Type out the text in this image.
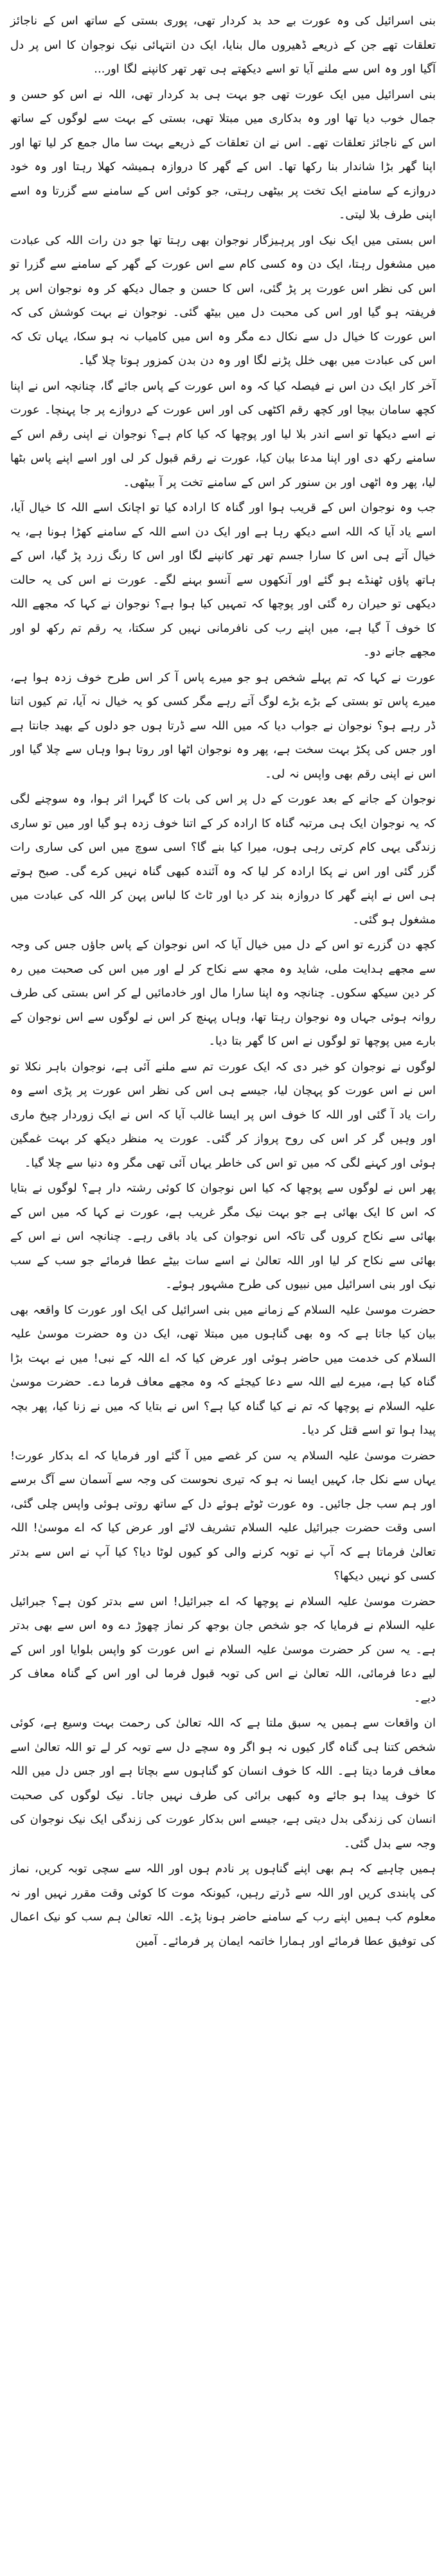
بنی اسرائیل کی وہ عورت بے حد بد کردار تھی، پوری بستی کے ساتھ اس کے ناجائز تعلقات تھے جن کے ذریعے ڈھیروں مال بنایا، ایک دن انتہائی نیک نوجوان کا اس پر دل آگیا اور وہ اس سے ملنے آیا تو اسے دیکھتے ہی تھر تھر کانپنے لگا اور...

بنی اسرائیل میں ایک عورت تھی جو بہت ہی بد کردار تھی، اللہ نے اس کو حسن و جمال خوب دیا تھا اور وہ بدکاری میں مبتلا تھی، بستی کے بہت سے لوگوں کے ساتھ اس کے ناجائز تعلقات تھے۔ اس نے ان تعلقات کے ذریعے بہت سا مال جمع کر لیا تھا اور اپنا گھر بڑا شاندار بنا رکھا تھا۔ اس کے گھر کا دروازہ ہمیشہ کھلا رہتا اور وہ خود دروازے کے سامنے ایک تخت پر بیٹھی رہتی، جو کوئی اس کے سامنے سے گزرتا وہ اسے اپنی طرف بلا لیتی۔

اس بستی میں ایک نیک اور پرہیزگار نوجوان بھی رہتا تھا جو دن رات اللہ کی عبادت میں مشغول رہتا، ایک دن وہ کسی کام سے اس عورت کے گھر کے سامنے سے گزرا تو اس کی نظر اس عورت پر پڑ گئی، اس کا حسن و جمال دیکھ کر وہ نوجوان اس پر فریفتہ ہو گیا اور اس کی محبت دل میں بیٹھ گئی۔ نوجوان نے بہت کوشش کی کہ اس عورت کا خیال دل سے نکال دے مگر وہ اس میں کامیاب نہ ہو سکا، یہاں تک کہ اس کی عبادت میں بھی خلل پڑنے لگا اور وہ دن بدن کمزور ہوتا چلا گیا۔

آخر کار ایک دن اس نے فیصلہ کیا کہ وہ اس عورت کے پاس جائے گا، چنانچہ اس نے اپنا کچھ سامان بیچا اور کچھ رقم اکٹھی کی اور اس عورت کے دروازے پر جا پہنچا۔ عورت نے اسے دیکھا تو اسے اندر بلا لیا اور پوچھا کہ کیا کام ہے؟ نوجوان نے اپنی رقم اس کے سامنے رکھ دی اور اپنا مدعا بیان کیا، عورت نے رقم قبول کر لی اور اسے اپنے پاس بٹھا لیا، پھر وہ اٹھی اور بن سنور کر اس کے سامنے تخت پر آ بیٹھی۔

جب وہ نوجوان اس کے قریب ہوا اور گناہ کا ارادہ کیا تو اچانک اسے اللہ کا خیال آیا، اسے یاد آیا کہ اللہ اسے دیکھ رہا ہے اور ایک دن اسے اللہ کے سامنے کھڑا ہونا ہے، یہ خیال آتے ہی اس کا سارا جسم تھر تھر کانپنے لگا اور اس کا رنگ زرد پڑ گیا، اس کے ہاتھ پاؤں ٹھنڈے ہو گئے اور آنکھوں سے آنسو بہنے لگے۔ عورت نے اس کی یہ حالت دیکھی تو حیران رہ گئی اور پوچھا کہ تمہیں کیا ہوا ہے؟ نوجوان نے کہا کہ مجھے اللہ کا خوف آ گیا ہے، میں اپنے رب کی نافرمانی نہیں کر سکتا، یہ رقم تم رکھ لو اور مجھے جانے دو۔

عورت نے کہا کہ تم پہلے شخص ہو جو میرے پاس آ کر اس طرح خوف زدہ ہوا ہے، میرے پاس تو بستی کے بڑے بڑے لوگ آتے رہے مگر کسی کو یہ خیال نہ آیا، تم کیوں اتنا ڈر رہے ہو؟ نوجوان نے جواب دیا کہ میں اللہ سے ڈرتا ہوں جو دلوں کے بھید جانتا ہے اور جس کی پکڑ بہت سخت ہے، پھر وہ نوجوان اٹھا اور روتا ہوا وہاں سے چلا گیا اور اس نے اپنی رقم بھی واپس نہ لی۔

نوجوان کے جانے کے بعد عورت کے دل پر اس کی بات کا گہرا اثر ہوا، وہ سوچنے لگی کہ یہ نوجوان ایک ہی مرتبہ گناہ کا ارادہ کر کے اتنا خوف زدہ ہو گیا اور میں تو ساری زندگی یہی کام کرتی رہی ہوں، میرا کیا بنے گا؟ اسی سوچ میں اس کی ساری رات گزر گئی اور اس نے پکا ارادہ کر لیا کہ وہ آئندہ کبھی گناہ نہیں کرے گی۔ صبح ہوتے ہی اس نے اپنے گھر کا دروازہ بند کر دیا اور ٹاٹ کا لباس پہن کر اللہ کی عبادت میں مشغول ہو گئی۔

کچھ دن گزرے تو اس کے دل میں خیال آیا کہ اس نوجوان کے پاس جاؤں جس کی وجہ سے مجھے ہدایت ملی، شاید وہ مجھ سے نکاح کر لے اور میں اس کی صحبت میں رہ کر دین سیکھ سکوں۔ چنانچہ وہ اپنا سارا مال اور خادمائیں لے کر اس بستی کی طرف روانہ ہوئی جہاں وہ نوجوان رہتا تھا، وہاں پہنچ کر اس نے لوگوں سے اس نوجوان کے بارے میں پوچھا تو لوگوں نے اس کا گھر بتا دیا۔

لوگوں نے نوجوان کو خبر دی کہ ایک عورت تم سے ملنے آئی ہے، نوجوان باہر نکلا تو اس نے اس عورت کو پہچان لیا، جیسے ہی اس کی نظر اس عورت پر پڑی اسے وہ رات یاد آ گئی اور اللہ کا خوف اس پر ایسا غالب آیا کہ اس نے ایک زوردار چیخ ماری اور وہیں گر کر اس کی روح پرواز کر گئی۔ عورت یہ منظر دیکھ کر بہت غمگین ہوئی اور کہنے لگی کہ میں تو اس کی خاطر یہاں آئی تھی مگر وہ دنیا سے چلا گیا۔

پھر اس نے لوگوں سے پوچھا کہ کیا اس نوجوان کا کوئی رشتہ دار ہے؟ لوگوں نے بتایا کہ اس کا ایک بھائی ہے جو بہت نیک مگر غریب ہے، عورت نے کہا کہ میں اس کے بھائی سے نکاح کروں گی تاکہ اس نوجوان کی یاد باقی رہے۔ چنانچہ اس نے اس کے بھائی سے نکاح کر لیا اور اللہ تعالیٰ نے اسے سات بیٹے عطا فرمائے جو سب کے سب نیک اور بنی اسرائیل میں نبیوں کی طرح مشہور ہوئے۔

حضرت موسیٰ علیہ السلام کے زمانے میں بنی اسرائیل کی ایک اور عورت کا واقعہ بھی بیان کیا جاتا ہے کہ وہ بھی گناہوں میں مبتلا تھی، ایک دن وہ حضرت موسیٰ علیہ السلام کی خدمت میں حاضر ہوئی اور عرض کیا کہ اے اللہ کے نبی! میں نے بہت بڑا گناہ کیا ہے، میرے لیے اللہ سے دعا کیجئے کہ وہ مجھے معاف فرما دے۔ حضرت موسیٰ علیہ السلام نے پوچھا کہ تم نے کیا گناہ کیا ہے؟ اس نے بتایا کہ میں نے زنا کیا، پھر بچہ پیدا ہوا تو اسے قتل کر دیا۔

حضرت موسیٰ علیہ السلام یہ سن کر غصے میں آ گئے اور فرمایا کہ اے بدکار عورت! یہاں سے نکل جا، کہیں ایسا نہ ہو کہ تیری نحوست کی وجہ سے آسمان سے آگ برسے اور ہم سب جل جائیں۔ وہ عورت ٹوٹے ہوئے دل کے ساتھ روتی ہوئی واپس چلی گئی، اسی وقت حضرت جبرائیل علیہ السلام تشریف لائے اور عرض کیا کہ اے موسیٰ! اللہ تعالیٰ فرماتا ہے کہ آپ نے توبہ کرنے والی کو کیوں لوٹا دیا؟ کیا آپ نے اس سے بدتر کسی کو نہیں دیکھا؟

حضرت موسیٰ علیہ السلام نے پوچھا کہ اے جبرائیل! اس سے بدتر کون ہے؟ جبرائیل علیہ السلام نے فرمایا کہ جو شخص جان بوجھ کر نماز چھوڑ دے وہ اس سے بھی بدتر ہے۔ یہ سن کر حضرت موسیٰ علیہ السلام نے اس عورت کو واپس بلوایا اور اس کے لیے دعا فرمائی، اللہ تعالیٰ نے اس کی توبہ قبول فرما لی اور اس کے گناہ معاف کر دیے۔

ان واقعات سے ہمیں یہ سبق ملتا ہے کہ اللہ تعالیٰ کی رحمت بہت وسیع ہے، کوئی شخص کتنا ہی گناہ گار کیوں نہ ہو اگر وہ سچے دل سے توبہ کر لے تو اللہ تعالیٰ اسے معاف فرما دیتا ہے۔ اللہ کا خوف انسان کو گناہوں سے بچاتا ہے اور جس دل میں اللہ کا خوف پیدا ہو جائے وہ کبھی برائی کی طرف نہیں جاتا۔ نیک لوگوں کی صحبت انسان کی زندگی بدل دیتی ہے، جیسے اس بدکار عورت کی زندگی ایک نیک نوجوان کی وجہ سے بدل گئی۔

ہمیں چاہیے کہ ہم بھی اپنے گناہوں پر نادم ہوں اور اللہ سے سچی توبہ کریں، نماز کی پابندی کریں اور اللہ سے ڈرتے رہیں، کیونکہ موت کا کوئی وقت مقرر نہیں اور نہ معلوم کب ہمیں اپنے رب کے سامنے حاضر ہونا پڑے۔ اللہ تعالیٰ ہم سب کو نیک اعمال کی توفیق عطا فرمائے اور ہمارا خاتمہ ایمان پر فرمائے۔ آمین
